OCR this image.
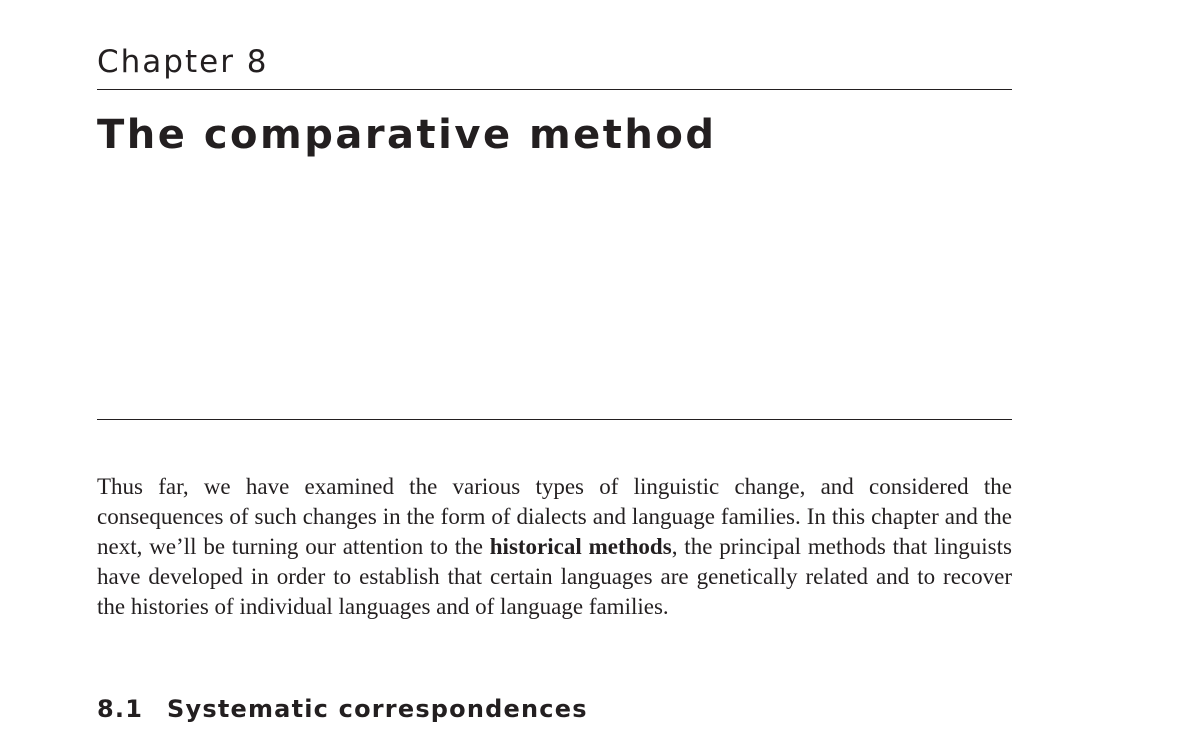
Chapter 8
The comparative method

Thus far, we have examined the various types of linguistic change, and considered the consequences of such changes in the form of dialects and language families. In this chapter and the next, we’ll be turning our attention to the historical methods, the principal methods that linguists have developed in order to establish that certain languages are genetically related and to recover the histories of individual languages and of language families.

8.1 Systematic correspondences
